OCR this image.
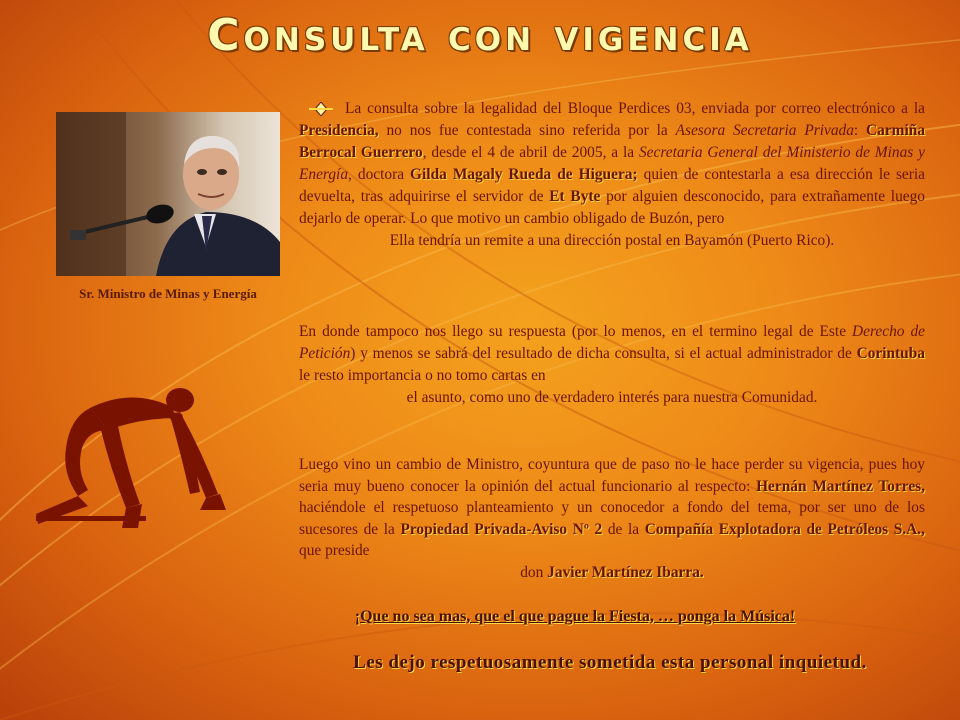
Consulta con vigencia
Sr. Ministro de Minas y Energía
La consulta sobre la legalidad del Bloque Perdices 03, enviada por correo electrónico a la Presidencia, no nos fue contestada sino referida por la Asesora Secretaria Privada: Carmiña Berrocal Guerrero, desde el 4 de abril de 2005, a la Secretaria General del Ministerio de Minas y Energía, doctora Gilda Magaly Rueda de Higuera; quien de contestarla a esa dirección le seria devuelta, tras adquirirse el servidor de Et Byte por alguien desconocido, para extrañamente luego dejarlo de operar. Lo que motivo un cambio obligado de Buzón, pero
Ella tendría un remite a una dirección postal en Bayamón (Puerto Rico).
En donde tampoco nos llego su respuesta (por lo menos, en el termino legal de Este Derecho de Petición) y menos se sabrá del resultado de dicha consulta, si el actual administrador de Corintuba le resto importancia o no tomo cartas en
el asunto, como uno de verdadero interés para nuestra Comunidad.
Luego vino un cambio de Ministro, coyuntura que de paso no le hace perder su vigencia, pues hoy seria muy bueno conocer la opinión del actual funcionario al respecto: Hernán Martínez Torres, haciéndole el respetuoso planteamiento y un conocedor a fondo del tema, por ser uno de los sucesores de la Propiedad Privada-Aviso Nº 2 de la Compañía Explotadora de Petróleos S.A., que preside
don Javier Martínez Ibarra.
¡Que no sea mas, que el que pague la Fiesta, … ponga la Música!
Les dejo respetuosamente sometida esta personal inquietud.
